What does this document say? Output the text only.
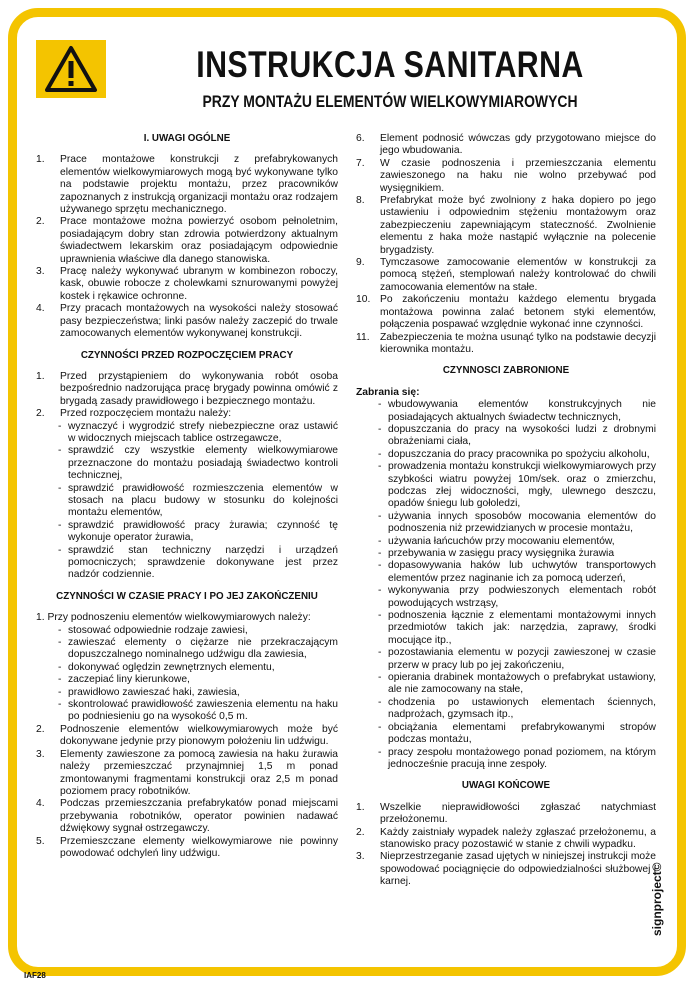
INSTRUKCJA SANITARNA
PRZY MONTAŻU ELEMENTÓW WIELKOWYMIAROWYCH
I. UWAGI OGÓLNE
1.	Prace montażowe konstrukcji z prefabrykowanych elementów wielkowymiarowych mogą być wykonywane tylko na podstawie projektu montażu, przez pracowników zapoznanych z instrukcją organizacji montażu oraz rodzajem używanego sprzętu mechanicznego.
2.	Prace montażowe można powierzyć osobom pełnoletnim, posiadającym dobry stan zdrowia potwierdzony aktualnym świadectwem lekarskim oraz posiadającym odpowiednie uprawnienia właściwe dla danego stanowiska.
3.	Pracę należy wykonywać ubranym w kombinezon roboczy, kask, obuwie robocze z cholewkami sznurowanymi powyżej kostek i rękawice ochronne.
4.	Przy pracach montażowych na wysokości należy stosować pasy bezpieczeństwa; linki pasów należy zaczepić do trwale zamocowanych elementów wykonywanej konstrukcji.
CZYNNOŚCI PRZED ROZPOCZĘCIEM PRACY
1.	Przed przystąpieniem do wykonywania robót osoba bezpośrednio nadzorująca pracę brygady powinna omówić z brygadą zasady prawidłowego i bezpiecznego montażu.
2.	Przed rozpoczęciem montażu należy:
- wyznaczyć i wygrodzić strefy niebezpieczne oraz ustawić w widocznych miejscach tablice ostrzegawcze,
- sprawdzić czy wszystkie elementy wielkowymiarowe przeznaczone do montażu posiadają świadectwo kontroli technicznej,
- sprawdzić prawidłowość rozmieszczenia elementów w stosach na placu budowy w stosunku do kolejności montażu elementów,
- sprawdzić prawidłowość pracy żurawia; czynność tę wykonuje operator żurawia,
- sprawdzić stan techniczny narzędzi i urządzeń pomocniczych; sprawdzenie dokonywane jest przez nadzór codziennie.
CZYNNOŚCI W CZASIE PRACY I PO JEJ ZAKOŃCZENIU
1. Przy podnoszeniu elementów wielkowymiarowych należy:
- stosować odpowiednie rodzaje zawiesi,
- zawieszać elementy o ciężarze nie przekraczającym dopuszczalnego nominalnego udźwigu dla zawiesia,
- dokonywać oględzin zewnętrznych elementu,
- zaczepiać liny kierunkowe,
- prawidłowo zawieszać haki, zawiesia,
- skontrolować prawidłowość zawieszenia elementu na haku po podniesieniu go na wysokość 0,5 m.
2.	Podnoszenie elementów wielkowymiarowych może być dokonywane jedynie przy pionowym położeniu lin udźwigu.
3.	Elementy zawieszone za pomocą zawiesia na haku żurawia należy przemieszczać przynajmniej 1,5 m ponad zmontowanymi fragmentami konstrukcji oraz 2,5 m ponad poziomem pracy robotników.
4.	Podczas przemieszczania prefabrykatów ponad miejscami przebywania robotników, operator powinien nadawać dźwiękowy sygnał ostrzegawczy.
5.	Przemieszczane elementy wielkowymiarowe nie powinny powodować odchyleń liny udźwigu.
6.	Element podnosić wówczas gdy przygotowano miejsce do jego wbudowania.
7.	W czasie podnoszenia i przemieszczania elementu zawieszonego na haku nie wolno przebywać pod wysięgnikiem.
8.	Prefabrykat może być zwolniony z haka dopiero po jego ustawieniu i odpowiednim stężeniu montażowym oraz zabezpieczeniu zapewniającym stateczność. Zwolnienie elementu z haka może nastąpić wyłącznie na polecenie brygadzisty.
9.	Tymczasowe zamocowanie elementów w konstrukcji za pomocą stężeń, stemplowań należy kontrolować do chwili zamocowania elementów na stałe.
10. Po zakończeniu montażu każdego elementu brygada montażowa powinna zalać betonem styki elementów, połączenia pospawać względnie wykonać inne czynności.
11.	Zabezpieczenia te można usunąć tylko na podstawie decyzji kierownika montażu.
CZYNNOSCI ZABRONIONE
Zabrania się:
- wbudowywania elementów konstrukcyjnych nie posiadających aktualnych świadectw technicznych,
- dopuszczania do pracy na wysokości ludzi z drobnymi obrażeniami ciała,
- dopuszczania do pracy pracownika po spożyciu alkoholu,
- prowadzenia montażu konstrukcji wielkowymiarowych przy szybkości wiatru powyżej 10m/sek. oraz o zmierzchu, podczas złej widoczności, mgły, ulewnego deszczu, opadów śniegu lub gołoledzi,
- używania innych sposobów mocowania elementów do podnoszenia niż przewidzianych w procesie montażu,
- używania łańcuchów przy mocowaniu elementów,
- przebywania w zasięgu pracy wysięgnika żurawia
- dopasowywania haków lub uchwytów transportowych elementów przez naginanie ich za pomocą uderzeń,
- wykonywania przy podwieszonych elementach robót powodujących wstrząsy,
- podnoszenia łącznie z elementami montażowymi innych przedmiotów takich jak: narzędzia, zaprawy, środki mocujące itp.,
- pozostawiania elementu w pozycji zawieszonej w czasie przerw w pracy lub po jej zakończeniu,
- opierania drabinek montażowych o prefabrykat ustawiony, ale nie zamocowany na stałe,
- chodzenia po ustawionych elementach ściennych, nadprożach, gzymsach itp.,
- obciążania elementami prefabrykowanymi stropów podczas montażu,
- pracy zespołu montażowego ponad poziomem, na którym jednocześnie pracują inne zespoły.
UWAGI KOŃCOWE
1.	Wszelkie nieprawidłowości zgłaszać natychmiast przełożonemu.
2.	Każdy zaistniały wypadek należy zgłaszać przełożonemu, a stanowisko pracy pozostawić w stanie z chwili wypadku.
3.	Nieprzestrzeganie zasad ujętych w niniejszej instrukcji może spowodować pociągnięcie do odpowiedzialności służbowej i karnej.	signproject©
IAF28
